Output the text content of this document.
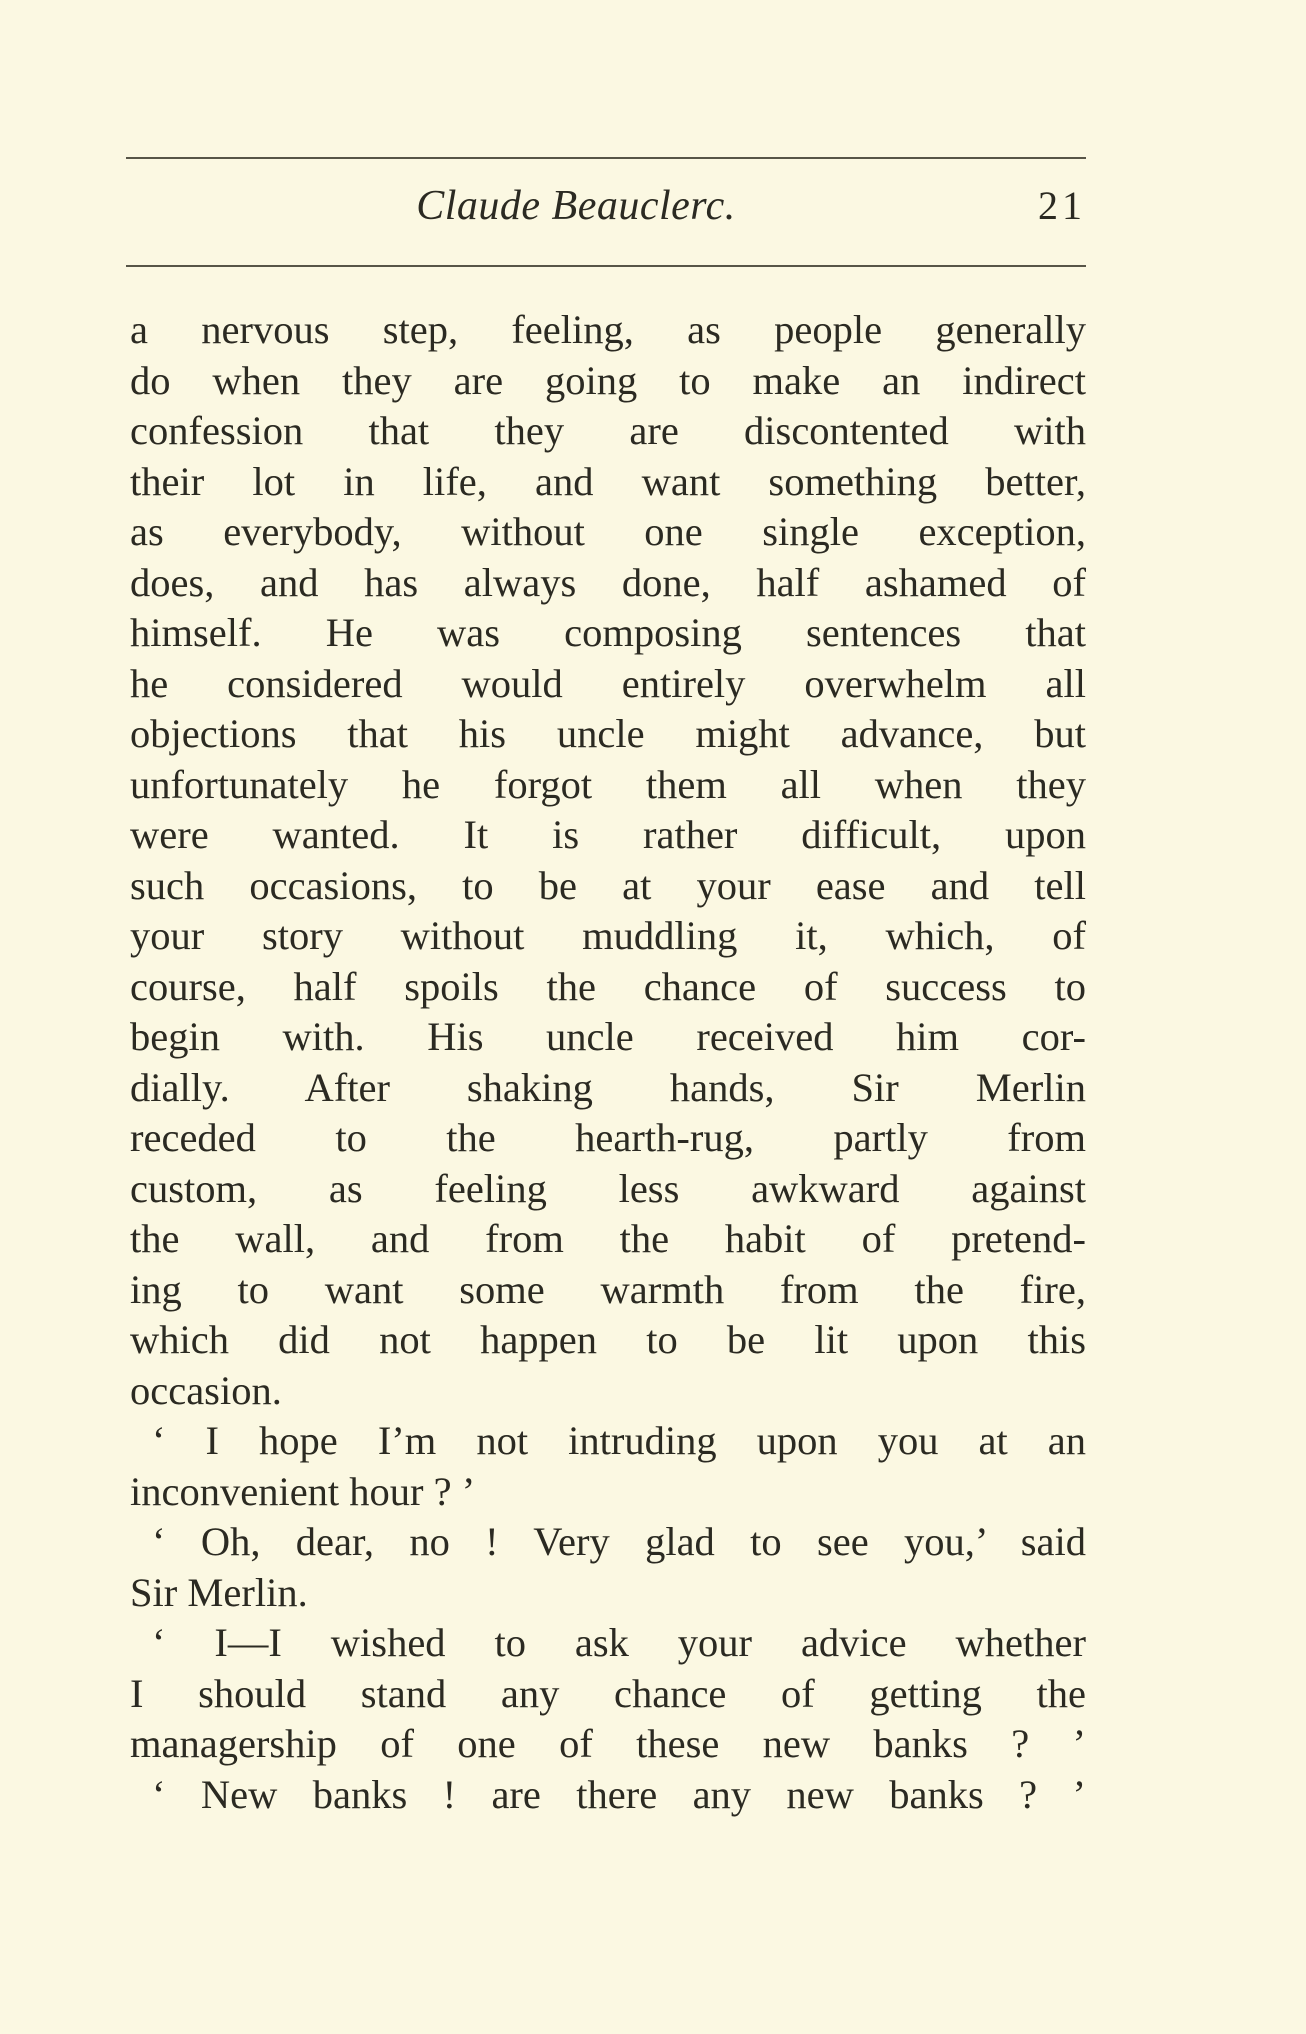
Claude Beauclerc.	21
a nervous step, feeling, as people generally
do when they are going to make an indirect
confession that they are discontented with
their lot in life, and want something better,
as everybody, without one single exception,
does, and has always done, half ashamed of
himself. He was composing sentences that
he considered would entirely overwhelm all
objections that his uncle might advance, but
unfortunately he forgot them all when they
were wanted. It is rather difficult, upon
such occasions, to be at your ease and tell
your story without muddling it, which, of
course, half spoils the chance of success to
begin with. His uncle received him cor-
dially. After shaking hands, Sir Merlin
receded to the hearth-rug, partly from
custom, as feeling less awkward against
the wall, and from the habit of pretend-
ing to want some warmth from the fire,
which did not happen to be lit upon this
occasion.
‘ I hope I’m not intruding upon you at an
inconvenient hour ? ’
‘ Oh, dear, no ! Very glad to see you,’ said
Sir Merlin.
‘ I—I wished to ask your advice whether
I should stand any chance of getting the
managership of one of these new banks ? ’
‘ New banks ! are there any new banks ? ’
